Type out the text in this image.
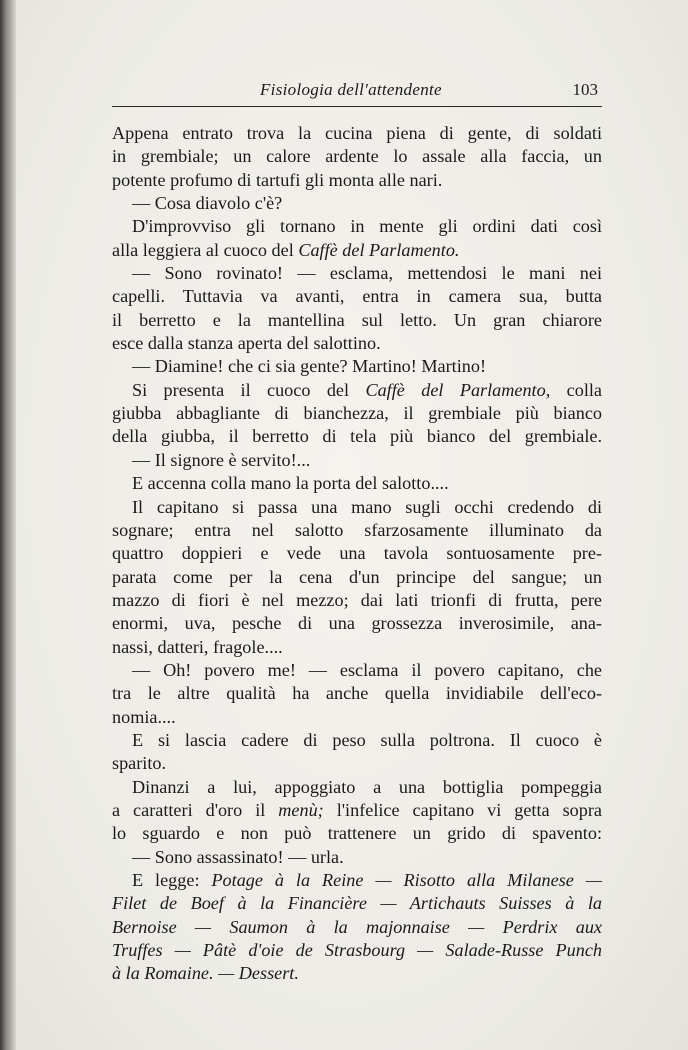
Fisiologia dell'attendente	103
Appena entrato trova la cucina piena di gente, di soldati
in grembiale; un calore ardente lo assale alla faccia, un
potente profumo di tartufi gli monta alle nari.
— Cosa diavolo c'è?
D'improvviso gli tornano in mente gli ordini dati così
alla leggiera al cuoco del Caffè del Parlamento.
— Sono rovinato! — esclama, mettendosi le mani nei
capelli. Tuttavia va avanti, entra in camera sua, butta
il berretto e la mantellina sul letto. Un gran chiarore
esce dalla stanza aperta del salottino.
— Diamine! che ci sia gente? Martino! Martino!
Si presenta il cuoco del Caffè del Parlamento, colla
giubba abbagliante di bianchezza, il grembiale più bianco
della giubba, il berretto di tela più bianco del grembiale.
— Il signore è servito!...
E accenna colla mano la porta del salotto....
Il capitano si passa una mano sugli occhi credendo di
sognare; entra nel salotto sfarzosamente illuminato da
quattro doppieri e vede una tavola sontuosamente pre-
parata come per la cena d'un principe del sangue; un
mazzo di fiori è nel mezzo; dai lati trionfi di frutta, pere
enormi, uva, pesche di una grossezza inverosimile, ana-
nassi, datteri, fragole....
— Oh! povero me! — esclama il povero capitano, che
tra le altre qualità ha anche quella invidiabile dell'eco-
nomia....
E si lascia cadere di peso sulla poltrona. Il cuoco è
sparito.
Dinanzi a lui, appoggiato a una bottiglia pompeggia
a caratteri d'oro il menù; l'infelice capitano vi getta sopra
lo sguardo e non può trattenere un grido di spavento:
— Sono assassinato! — urla.
E legge: Potage à la Reine — Risotto alla Milanese —
Filet de Boef à la Financière — Artichauts Suisses à la
Bernoise — Saumon à la majonnaise — Perdrix aux
Truffes — Pâtè d'oie de Strasbourg — Salade-Russe Punch
à la Romaine. — Dessert.
